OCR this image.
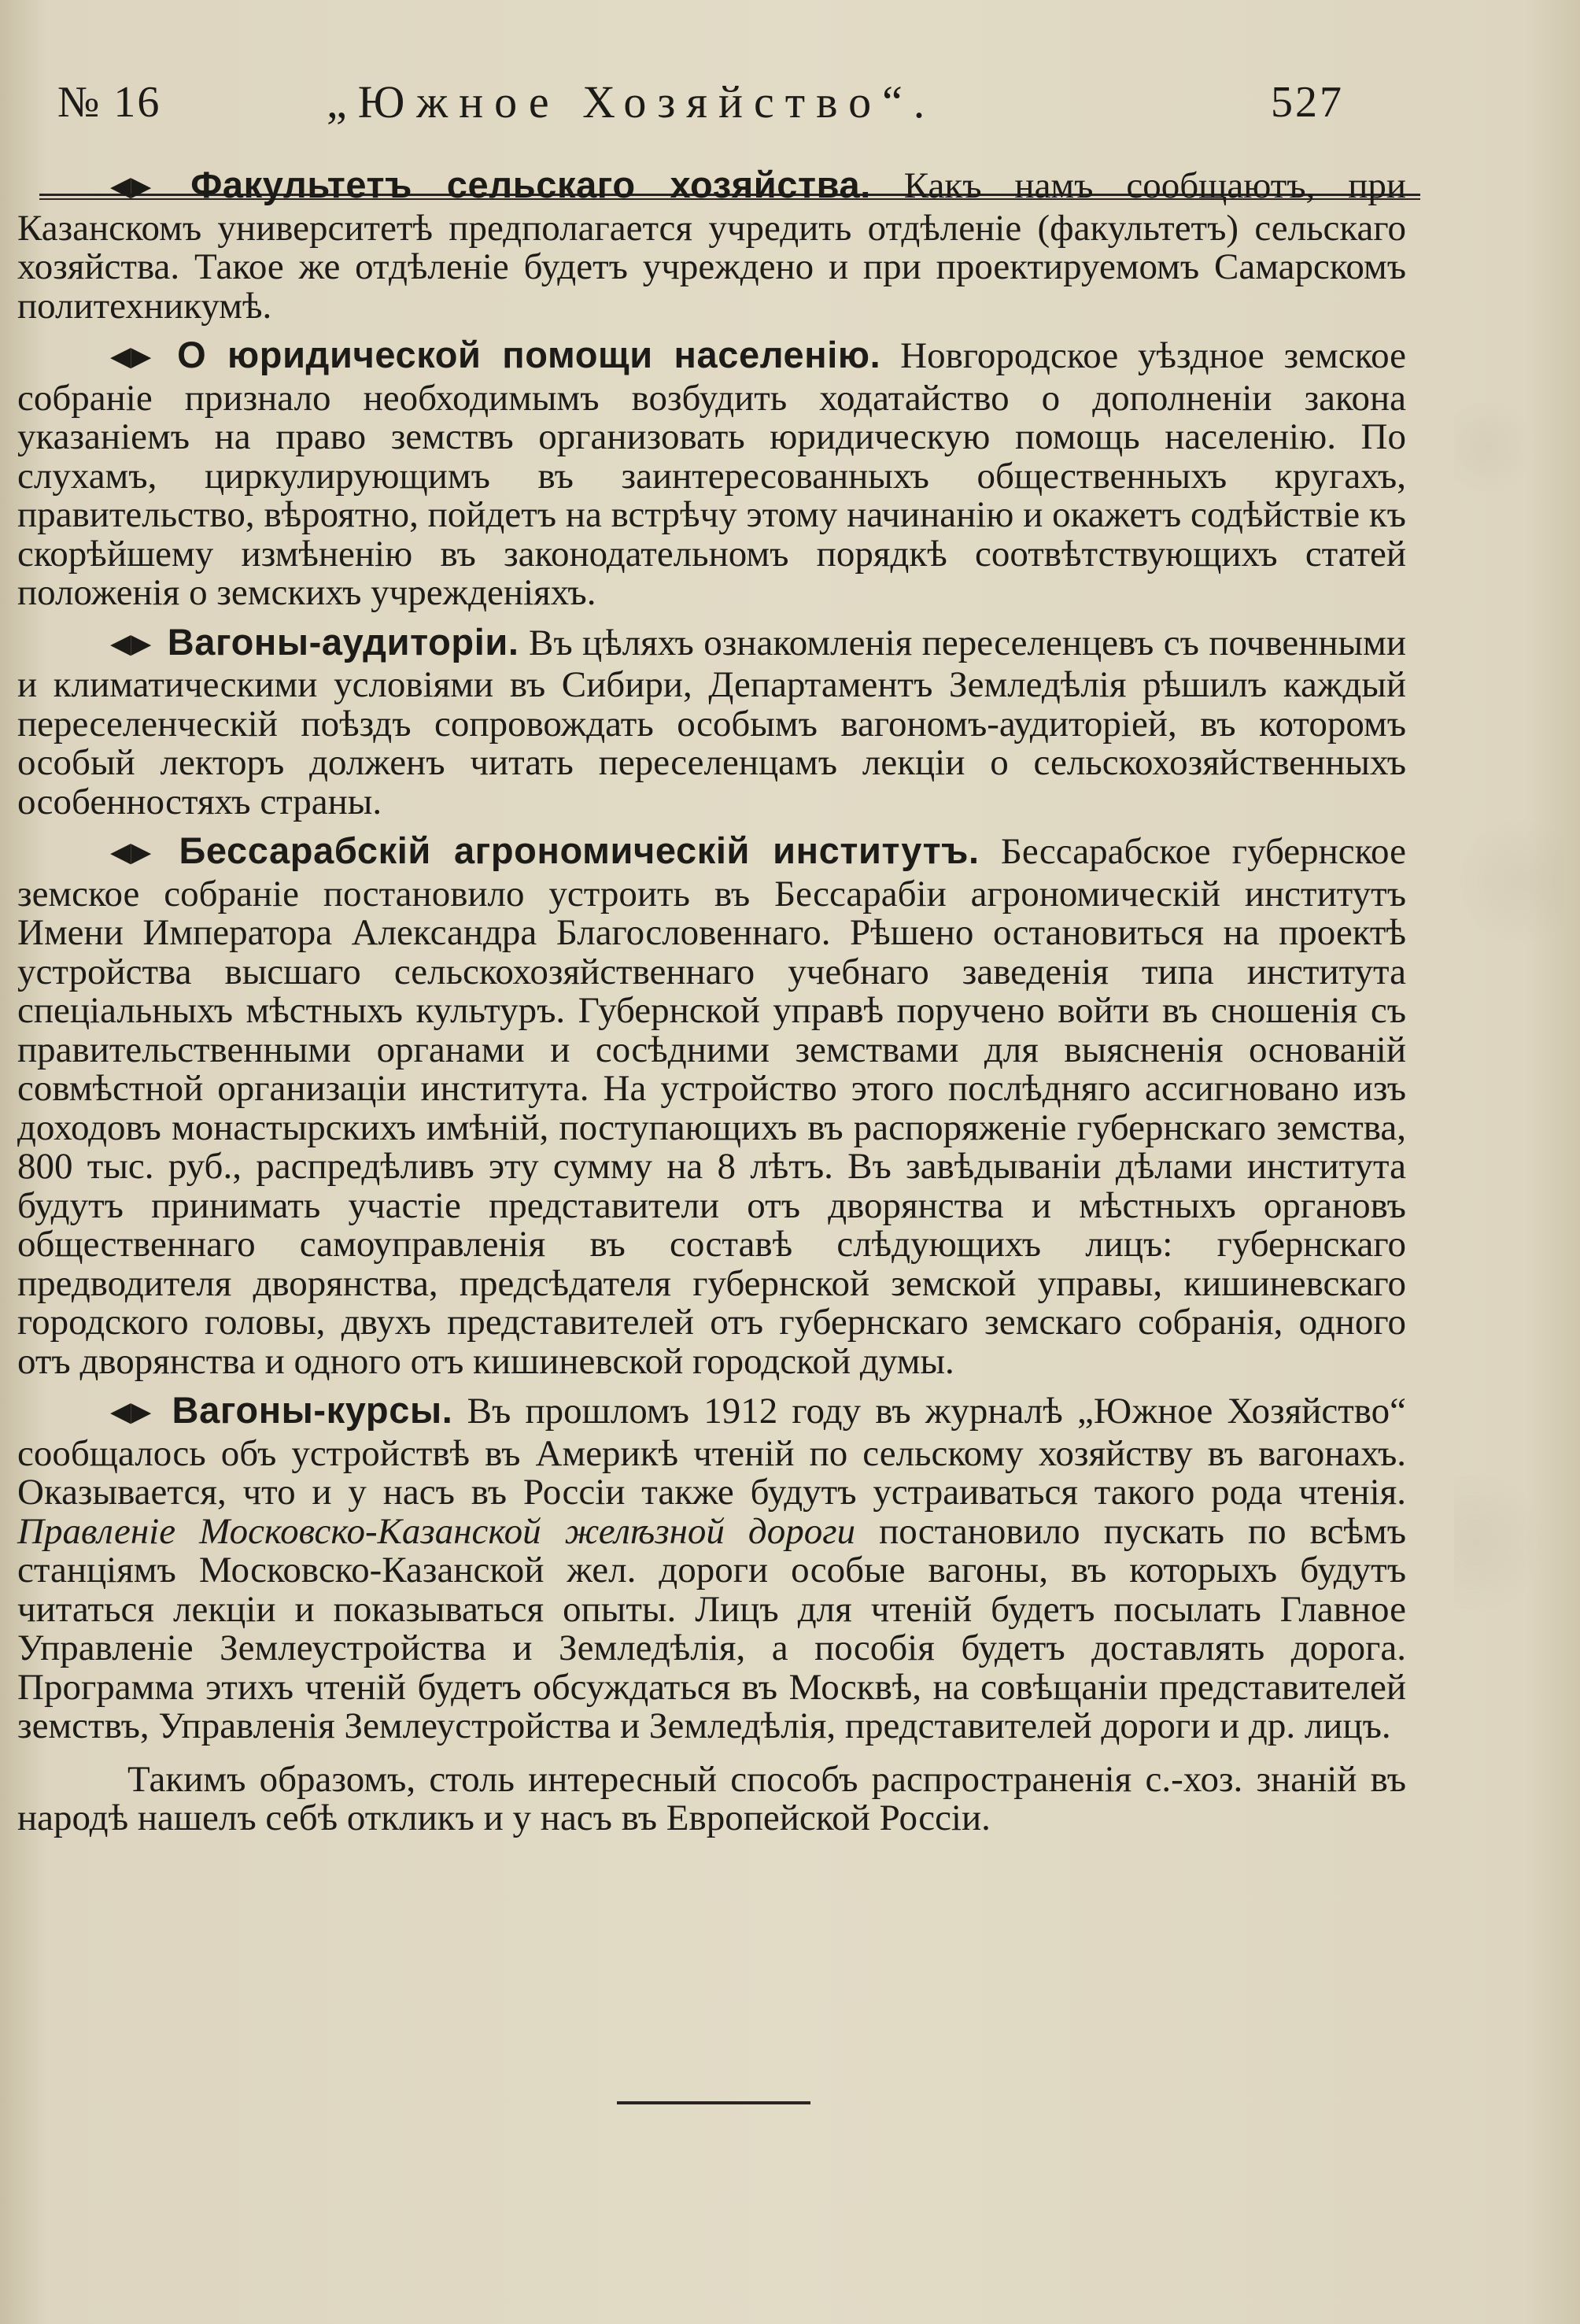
№ 16	„Южное Хозяйство“.	527

◀▶ Факультетъ сельскаго хозяйства. Какъ намъ сообщаютъ, при Казанскомъ университетѣ предполагается учредить отдѣленіе (факультетъ) сельскаго хозяйства. Такое же отдѣленіе будетъ учреждено и при проектируемомъ Самарскомъ политехникумѣ.

◀▶ О юридической помощи населенію. Новгородское уѣздное земское собраніе признало необходимымъ возбудить ходатайство о дополненіи закона указаніемъ на право земствъ организовать юридическую помощь населенію. По слухамъ, циркулирующимъ въ заинтересованныхъ общественныхъ кругахъ, правительство, вѣроятно, пойдетъ на встрѣчу этому начинанію и окажетъ содѣйствіе къ скорѣйшему измѣненію въ законодательномъ порядкѣ соотвѣтствующихъ статей положенія о земскихъ учрежденіяхъ.

◀▶ Вагоны-аудиторіи. Въ цѣляхъ ознакомленія переселенцевъ съ почвенными и климатическими условіями въ Сибири, Департаментъ Земледѣлія рѣшилъ каждый переселенческій поѣздъ сопровождать особымъ вагономъ-аудиторіей, въ которомъ особый лекторъ долженъ читать переселенцамъ лекціи о сельскохозяйственныхъ особенностяхъ страны.

◀▶ Бессарабскій агрономическій институтъ. Бессарабское губернское земское собраніе постановило устроить въ Бессарабіи агрономическій институтъ Имени Императора Александра Благословеннаго. Рѣшено остановиться на проектѣ устройства высшаго сельскохозяйственнаго учебнаго заведенія типа института спеціальныхъ мѣстныхъ культуръ. Губернской управѣ поручено войти въ сношенія съ правительственными органами и сосѣдними земствами для выясненія основаній совмѣстной организаціи института. На устройство этого послѣдняго ассигновано изъ доходовъ монастырскихъ имѣній, поступающихъ въ распоряженіе губернскаго земства, 800 тыс. руб., распредѣливъ эту сумму на 8 лѣтъ. Въ завѣдываніи дѣлами института будутъ принимать участіе представители отъ дворянства и мѣстныхъ органовъ общественнаго самоуправленія въ составѣ слѣдующихъ лицъ: губернскаго предводителя дворянства, предсѣдателя губернской земской управы, кишиневскаго городского головы, двухъ представителей отъ губернскаго земскаго собранія, одного отъ дворянства и одного отъ кишиневской городской думы.

◀▶ Вагоны-курсы. Въ прошломъ 1912 году въ журналѣ „Южное Хозяйство“ сообщалось объ устройствѣ въ Америкѣ чтеній по сельскому хозяйству въ вагонахъ. Оказывается, что и у насъ въ Россіи также будутъ устраиваться такого рода чтенія. Правленіе Московско-Казанской желѣзной дороги постановило пускать по всѣмъ станціямъ Московско-Казанской жел. дороги особые вагоны, въ которыхъ будутъ читаться лекціи и показываться опыты. Лицъ для чтеній будетъ посылать Главное Управленіе Землеустройства и Земледѣлія, а пособія будетъ доставлять дорога. Программа этихъ чтеній будетъ обсуждаться въ Москвѣ, на совѣщаніи представителей земствъ, Управленія Землеустройства и Земледѣлія, представителей дороги и др. лицъ.

Такимъ образомъ, столь интересный способъ распространенія с.-хоз. знаній въ народѣ нашелъ себѣ откликъ и у насъ въ Европейской Россіи.
